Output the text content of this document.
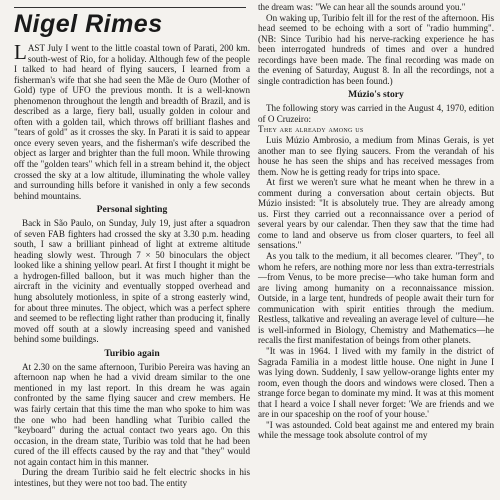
Nigel Rimes

LAST July I went to the little coastal town of Parati, 200 km. south-west of Rio, for a holiday. Although few of the people I talked to had heard of flying saucers, I learned from a fisherman's wife that she had seen the Mãe de Ouro (Mother of Gold) type of UFO the previous month. It is a well-known phenomenon throughout the length and breadth of Brazil, and is described as a large, fiery ball, usually golden in colour and often with a golden tail, which throws off brilliant flashes and "tears of gold" as it crosses the sky. In Parati it is said to appear once every seven years, and the fisherman's wife described the object as larger and brighter than the full moon. While throwing off the "golden tears" which fell in a stream behind it, the object crossed the sky at a low altitude, illuminating the whole valley and surrounding hills before it vanished in only a few seconds behind mountains.

Personal sighting

Back in São Paulo, on Sunday, July 19, just after a squadron of seven FAB fighters had crossed the sky at 3.30 p.m. heading south, I saw a brilliant pinhead of light at extreme altitude heading slowly west. Through 7 × 50 binoculars the object looked like a shining yellow pearl. At first I thought it might be a hydrogen-filled balloon, but it was much higher than the aircraft in the vicinity and eventually stopped overhead and hung absolutely motionless, in spite of a strong easterly wind, for about three minutes. The object, which was a perfect sphere and seemed to be reflecting light rather than producing it, finally moved off south at a slowly increasing speed and vanished behind some buildings.

Turibio again

At 2.30 on the same afternoon, Turibio Pereira was having an afternoon nap when he had a vivid dream similar to the one mentioned in my last report. In this dream he was again confronted by the same flying saucer and crew members. He was fairly certain that this time the man who spoke to him was the one who had been handling what Turibio called the "keyboard" during the actual contact two years ago. On this occasion, in the dream state, Turibio was told that he had been cured of the ill effects caused by the ray and that "they" would not again contact him in this manner.

During the dream Turibio said he felt electric shocks in his intestines, but they were not too bad. The entity

the dream was: "We can hear all the sounds around you."

On waking up, Turibio felt ill for the rest of the afternoon. His head seemed to be echoing with a sort of "radio humming". (NB: Since Turibio had his nerve-racking experience he has been interrogated hundreds of times and over a hundred recordings have been made. The final recording was made on the evening of Saturday, August 8. In all the recordings, not a single contradiction has been found.)

Múzio's story

The following story was carried in the August 4, 1970, edition of O Cruzeiro:

They are already among us

Luis Múzio Ambrosio, a medium from Minas Gerais, is yet another man to see flying saucers. From the verandah of his house he has seen the ships and has received messages from them. Now he is getting ready for trips into space.

At first we weren't sure what he meant when he threw in a comment during a conversation about certain objects. But Múzio insisted: "It is absolutely true. They are already among us. First they carried out a reconnaissance over a period of several years by our calendar. Then they saw that the time had come to land and observe us from closer quarters, to feel all sensations."

As you talk to the medium, it all becomes clearer. "They", to whom he refers, are nothing more nor less than extra-terrestrials—from Venus, to be more precise—who take human form and are living among humanity on a reconnaissance mission. Outside, in a large tent, hundreds of people await their turn for communication with spirit entities through the medium. Restless, talkative and revealing an average level of culture—he is well-informed in Biology, Chemistry and Mathematics—he recalls the first manifestation of beings from other planets.

"It was in 1964. I lived with my family in the district of Sagrada Familia in a modest little house. One night in June I was lying down. Suddenly, I saw yellow-orange lights enter my room, even though the doors and windows were closed. Then a strange force began to dominate my mind. It was at this moment that I heard a voice I shall never forget: 'We are friends and we are in our spaceship on the roof of your house.'

"I was astounded. Cold beat against me and entered my brain while the message took absolute control of my
